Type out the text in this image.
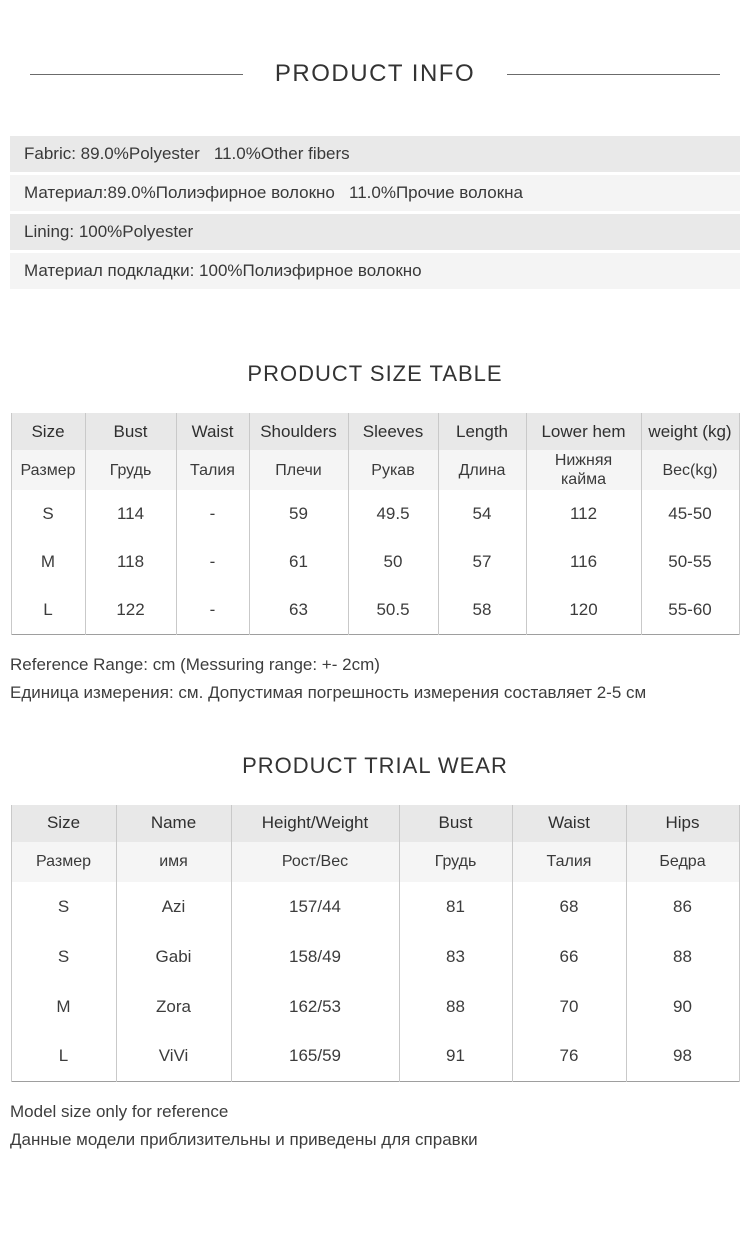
PRODUCT INFO
Fabric: 89.0%Polyester   11.0%Other fibers
Материал:89.0%Полиэфирное волокно   11.0%Прочие волокна
Lining: 100%Polyester
Материал подкладки: 100%Полиэфирное волокно
PRODUCT SIZE TABLE
Size	Bust	Waist	Shoulders	Sleeves	Length	Lower hem	weight (kg)
Размер	Грудь	Талия	Плечи	Рукав	Длина	Нижняя кайма	Вес(kg)
S	114	-	59	49.5	54	112	45-50
M	118	-	61	50	57	116	50-55
L	122	-	63	50.5	58	120	55-60
Reference Range: cm (Messuring range: +- 2cm)
Единица измерения: см. Допустимая погрешность измерения составляет 2-5 см
PRODUCT TRIAL WEAR
Size	Name	Height/Weight	Bust	Waist	Hips
Размер	имя	Рост/Вес	Грудь	Талия	Бедра
S	Azi	157/44	81	68	86
S	Gabi	158/49	83	66	88
M	Zora	162/53	88	70	90
L	ViVi	165/59	91	76	98
Model size only for reference
Данные модели приблизительны и приведены для справки
